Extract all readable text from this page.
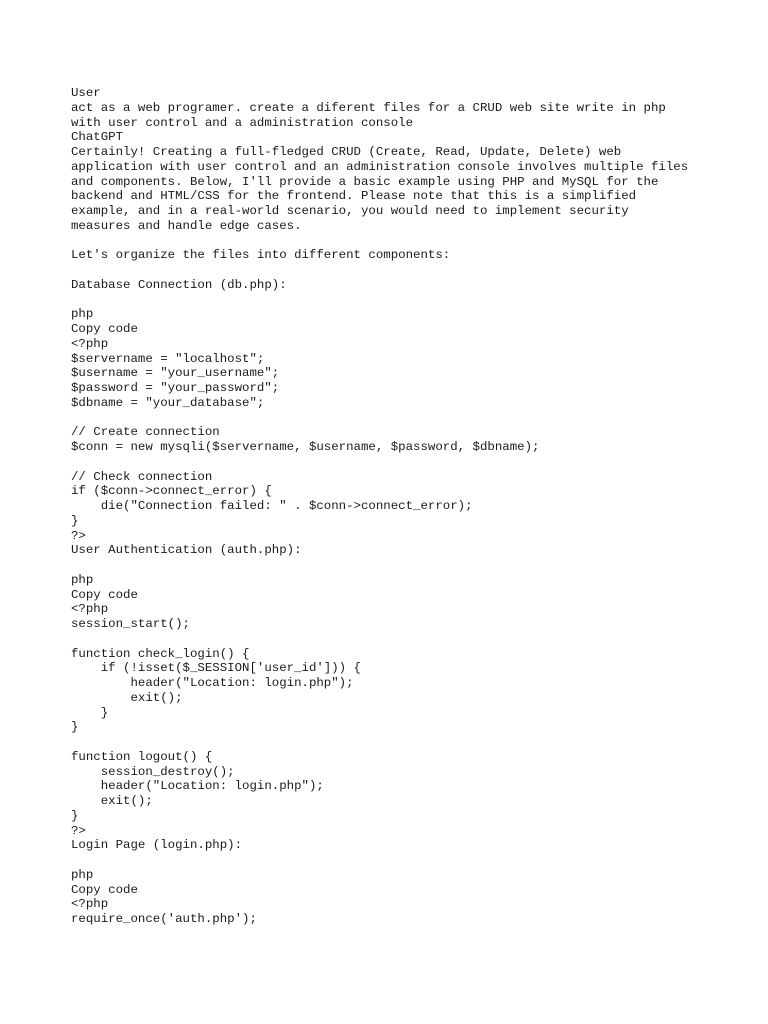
User
act as a web programer. create a diferent files for a CRUD web site write in php
with user control and a administration console
ChatGPT
Certainly! Creating a full-fledged CRUD (Create, Read, Update, Delete) web
application with user control and an administration console involves multiple files
and components. Below, I'll provide a basic example using PHP and MySQL for the
backend and HTML/CSS for the frontend. Please note that this is a simplified
example, and in a real-world scenario, you would need to implement security
measures and handle edge cases.
Let's organize the files into different components:
Database Connection (db.php):
php
Copy code
<?php
$servername = "localhost";
$username = "your_username";
$password = "your_password";
$dbname = "your_database";
// Create connection
$conn = new mysqli($servername, $username, $password, $dbname);
// Check connection
if ($conn->connect_error) {
die("Connection failed: " . $conn->connect_error);
}
?>
User Authentication (auth.php):
php
Copy code
<?php
session_start();
function check_login() {
if (!isset($_SESSION['user_id'])) {
header("Location: login.php");
exit();
}
}
function logout() {
session_destroy();
header("Location: login.php");
exit();
}
?>
Login Page (login.php):
php
Copy code
<?php
require_once('auth.php');
